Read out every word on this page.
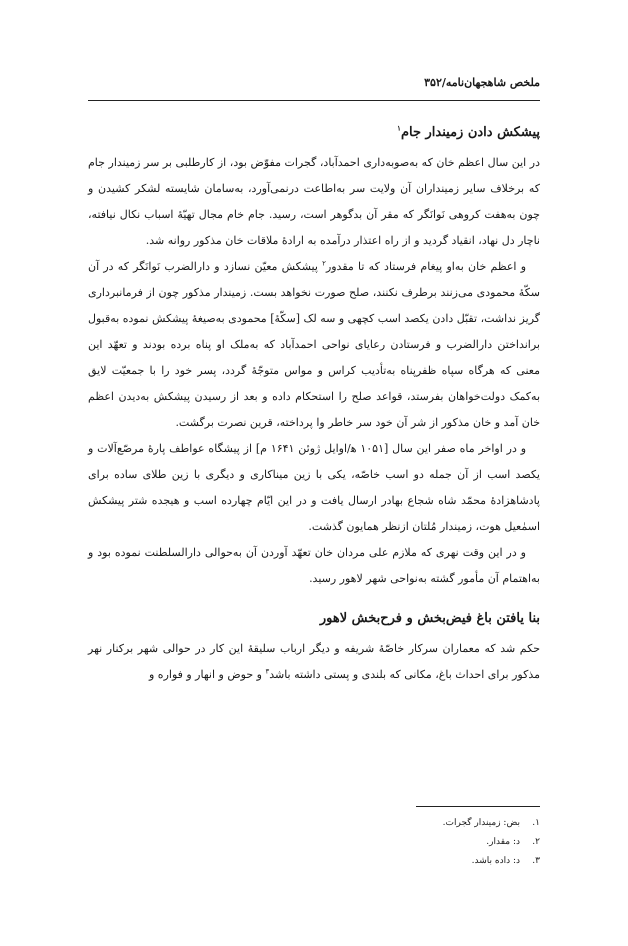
ملخص شاهجهان‌نامه/۳۵۲
پیشکش دادن زمیندار جام$^۱$

در این سال اعظم خان که به‌صوبه‌داری احمدآباد، گجرات مفوّض بود، از کارطلبی بر سر زمیندار جام که برخلاف سایر زمینداران آن ولایت سر به‌اطاعت درنمی‌آورد، به‌سامان شایسته لشکر کشیدن و چون به‌هفت کروهی نَوانَگر که مقر آن بدگوهر است، رسید. جام خام مجال تهیّهٔ اسباب نکال نیافته، ناچار دل نهاد، انقیاد گردید و از راه اعتذار درآمده به ارادهٔ ملاقات خان مذکور روانه شد.

و اعظم خان به‌او پیغام فرستاد که تا مقدور$^۲$ پیشکش معیّن نسازد و دارالضرب نَوانَگر که در آن سکّهٔ محمودی می‌زنند برطرف نکنند، صلح صورت نخواهد بست. زمیندار مذکور چون از فرمانبرداری گریز نداشت، تقبّل دادن یکصد اسب کچهی و سه لک [سکّهٔ] محمودی به‌صیغهٔ پیشکش نموده به‌قبول برانداختن دارالضرب و فرستادن رعایای نواحی احمدآباد که به‌ملک او پناه برده بودند و تعهّد این معنی که هرگاه سپاه ظفرپناه به‌تأدیب کراس و مواس متوجّهٔ گردد، پسر خود را با جمعیّت لایق به‌کمک دولت‌خواهان بفرستد، قواعد صلح را استحکام داده و بعد از رسیدن پیشکش به‌دیدن اعظم خان آمد و خان مذکور از شر آن خود سر خاطر وا پرداخته، قرین نصرت برگشت.

و در اواخر ماه صفر این سال [۱۰۵۱ ه‍/اوایل ژوئن ۱۶۴۱ م] از پیشگاه عواطف پارهٔ مرصّع‌آلات و یکصد اسب از آن جمله دو اسب خاصّه، یکی با زین میناکاری و دیگری با زین طلای ساده برای پادشاهزادهٔ محمّد شاه شجاع بهادر ارسال یافت و در این ایّام چهارده اسب و هیجده شتر پیشکش اسمٰعیل هوت، زمیندار مُلتان ازنظر همایون گذشت.

و در این وقت نهری که ملازم علی مردان خان تعهّد آوردن آن به‌حوالی دارالسلطنت نموده بود و به‌اهتمام آن مأمور گشته به‌نواحی شهر لاهور رسید.

بنا یافتن باغ فیض‌بخش و فرح‌بخش لاهور

حکم شد که معماران سرکار خاصّهٔ شریفه و دیگر ارباب سلیقهٔ این کار در حوالی شهر برکنار نهر مذکور برای احداث باغ، مکانی که بلندی و پستی داشته باشد$^۳$ و حوض و انهار و فواره و

۱.بض: زمیندار گجرات.
۲.د: مقدار.
۳.د: داده باشد.
